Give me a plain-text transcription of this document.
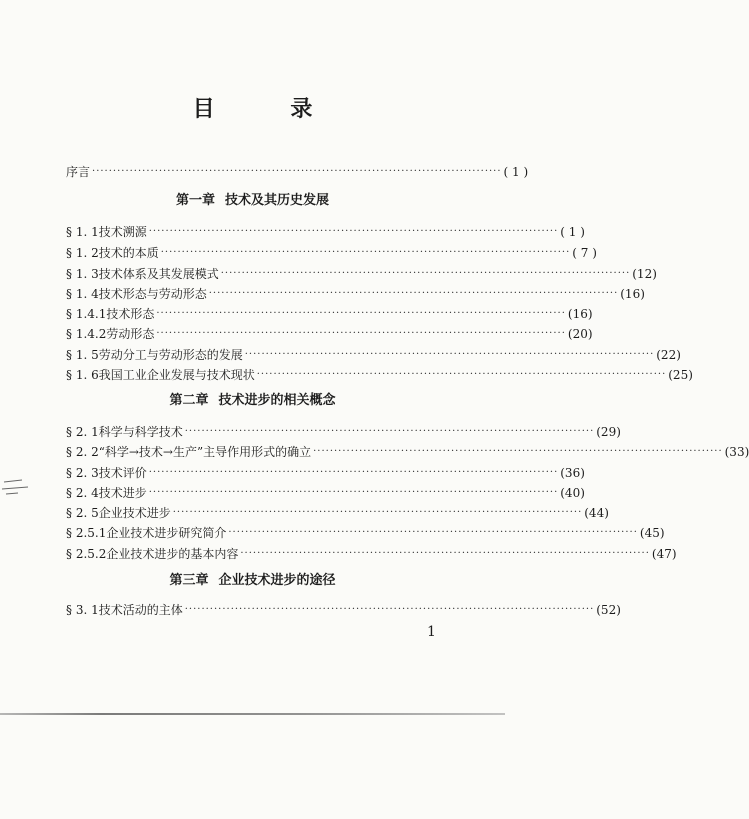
目 录
序言 ·································································································· ( 1 )
第一章 技术及其历史发展
§ 1. 1 技术溯源 ·································································································· ( 1 )
§ 1. 2 技术的本质 ·································································································· ( 7 )
§ 1. 3 技术体系及其发展模式 ·································································································· (12)
§ 1. 4 技术形态与劳动形态 ·································································································· (16)
§ 1.4.1 技术形态 ·································································································· (16)
§ 1.4.2 劳动形态 ·································································································· (20)
§ 1. 5 劳动分工与劳动形态的发展 ·································································································· (22)
§ 1. 6 我国工业企业发展与技术现状 ·································································································· (25)
第二章 技术进步的相关概念
§ 2. 1 科学与科学技术 ·································································································· (29)
§ 2. 2 “科学→技术→生产”主导作用形式的确立 ·································································································· (33)
§ 2. 3 技术评价 ·································································································· (36)
§ 2. 4 技术进步 ·································································································· (40)
§ 2. 5 企业技术进步 ·································································································· (44)
§ 2.5.1 企业技术进步研究简介 ·································································································· (45)
§ 2.5.2 企业技术进步的基本内容 ·································································································· (47)
第三章 企业技术进步的途径
§ 3. 1 技术活动的主体 ·································································································· (52)
1
